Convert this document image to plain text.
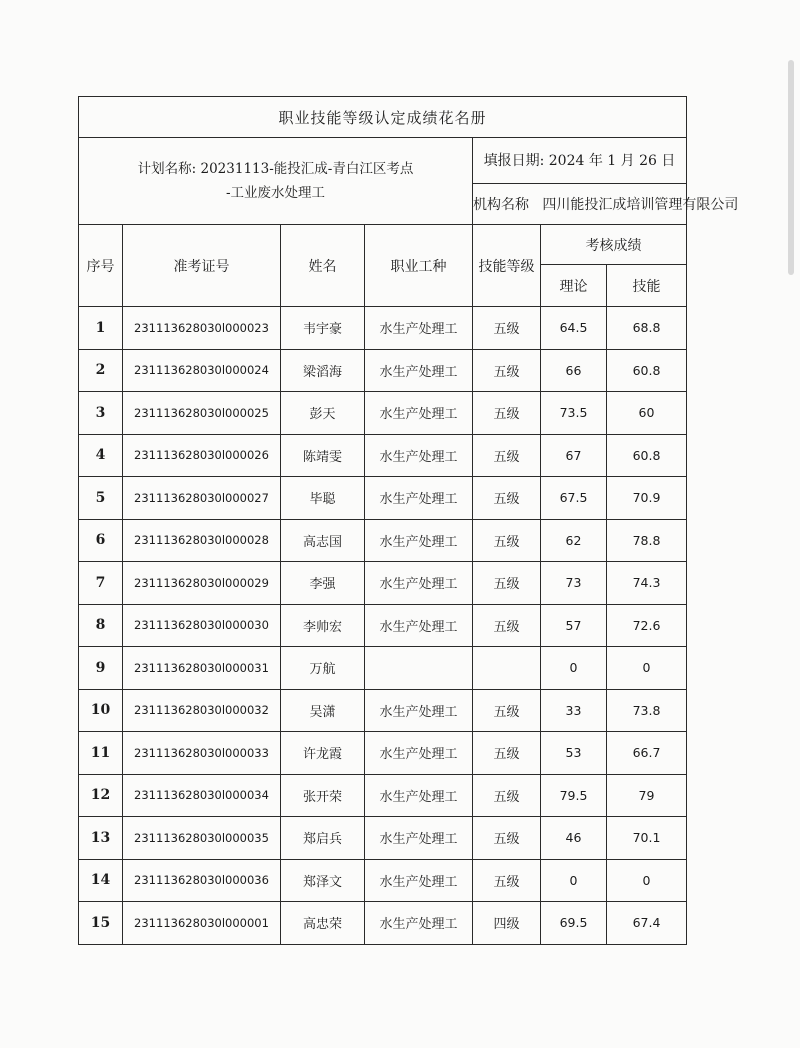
职业技能等级认定成绩花名册						

计划名称: 20231113-能投汇成-青白江区考点
-工业废水处理工				填报日期: 2024 年 1 月 26 日		
				机构名称 四川能投汇成培训管理有限公司		
序号	准考证号	姓名	职业工种	技能等级	考核成绩	
					理论	技能
1	231113628030l000023	韦宇豪	水生产处理工	五级	64.5	68.8
2	231113628030l000024	梁滔海	水生产处理工	五级	66	60.8
3	231113628030l000025	彭天	水生产处理工	五级	73.5	60
4	231113628030l000026	陈靖雯	水生产处理工	五级	67	60.8
5	231113628030l000027	毕聪	水生产处理工	五级	67.5	70.9
6	231113628030l000028	高志国	水生产处理工	五级	62	78.8
7	231113628030l000029	李强	水生产处理工	五级	73	74.3
8	231113628030l000030	李帅宏	水生产处理工	五级	57	72.6
9	231113628030l000031	万航			0	0
10	231113628030l000032	吴潇	水生产处理工	五级	33	73.8
11	231113628030l000033	许龙霞	水生产处理工	五级	53	66.7
12	231113628030l000034	张开荣	水生产处理工	五级	79.5	79
13	231113628030l000035	郑启兵	水生产处理工	五级	46	70.1
14	231113628030l000036	郑泽文	水生产处理工	五级	0	0
15	231113628030l000001	高忠荣	水生产处理工	四级	69.5	67.4
